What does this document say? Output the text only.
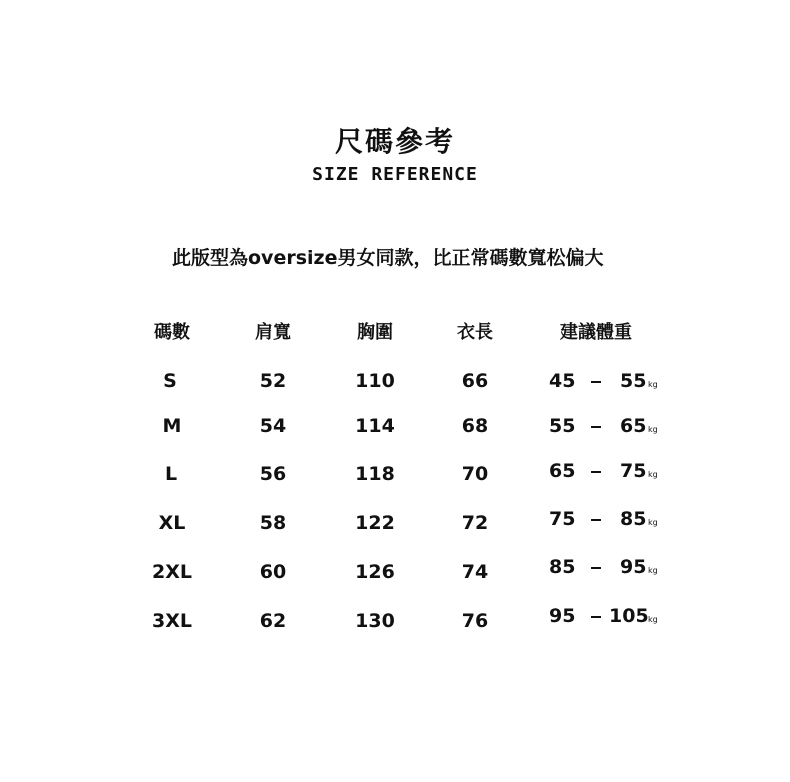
尺碼參考
SIZE REFERENCE
此版型為oversize男女同款，比正常碼數寬松偏大
碼數	肩寬	胸圍	衣長	建議體重
S	52	110	66	45 55 kg
M	54	114	68	55 65 kg
L	56	118	70	65 75 kg
XL	58	122	72	75 85 kg
2XL	60	126	74	85 95 kg
3XL	62	130	76	95 105 kg
